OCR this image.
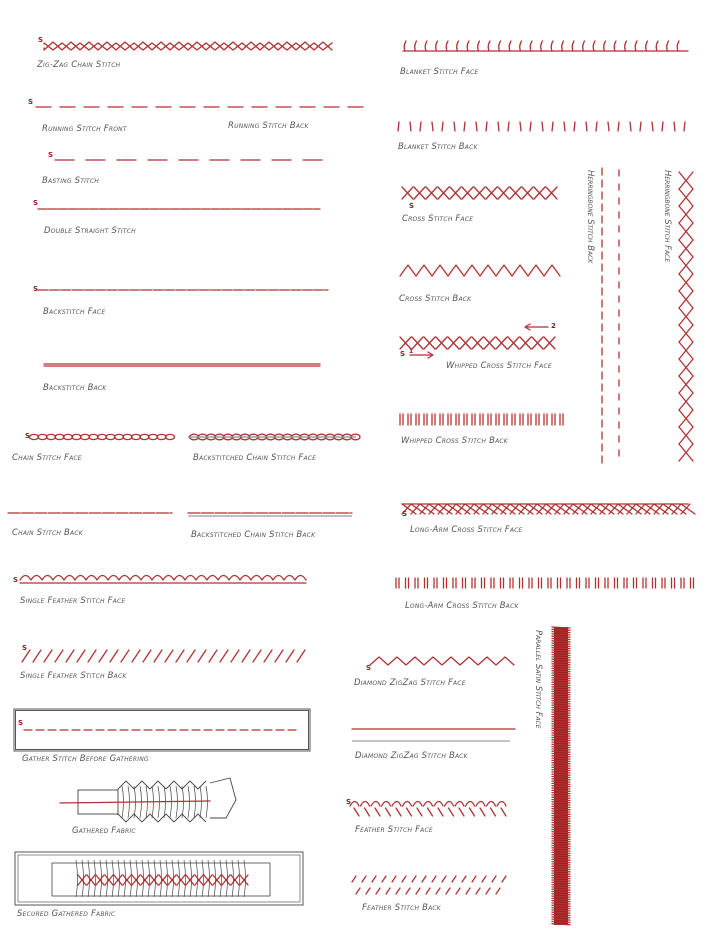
S
S
S
S	S
S
2
S 1
S
S
S
S
S
S
S
Zig-Zag Chain Stitch
Blanket Stitch Face
Running Stitch Front	Running Stitch Back
Blanket Stitch Back
Basting Stitch
Double Straight Stitch
Cross Stitch Face
Cross Stitch Back
Backstitch Face
Whipped Cross Stitch Face
Backstitch Back
Whipped Cross Stitch Back
Chain Stitch Face	Backstitched Chain Stitch Face
Chain Stitch Back	Backstitched Chain Stitch Back	Long-Arm Cross Stitch Face
Single Feather Stitch Face	Long-Arm Cross Stitch Back
Single Feather Stitch Back
Diamond ZigZag Stitch Face
Gather Stitch Before Gathering	Diamond ZigZag Stitch Back
Gathered Fabric	Feather Stitch Face
Secured Gathered Fabric
Feather Stitch Back
Herringbone Stitch Back	Herringbone Stitch Face
Parallel Satin Stitch Face
